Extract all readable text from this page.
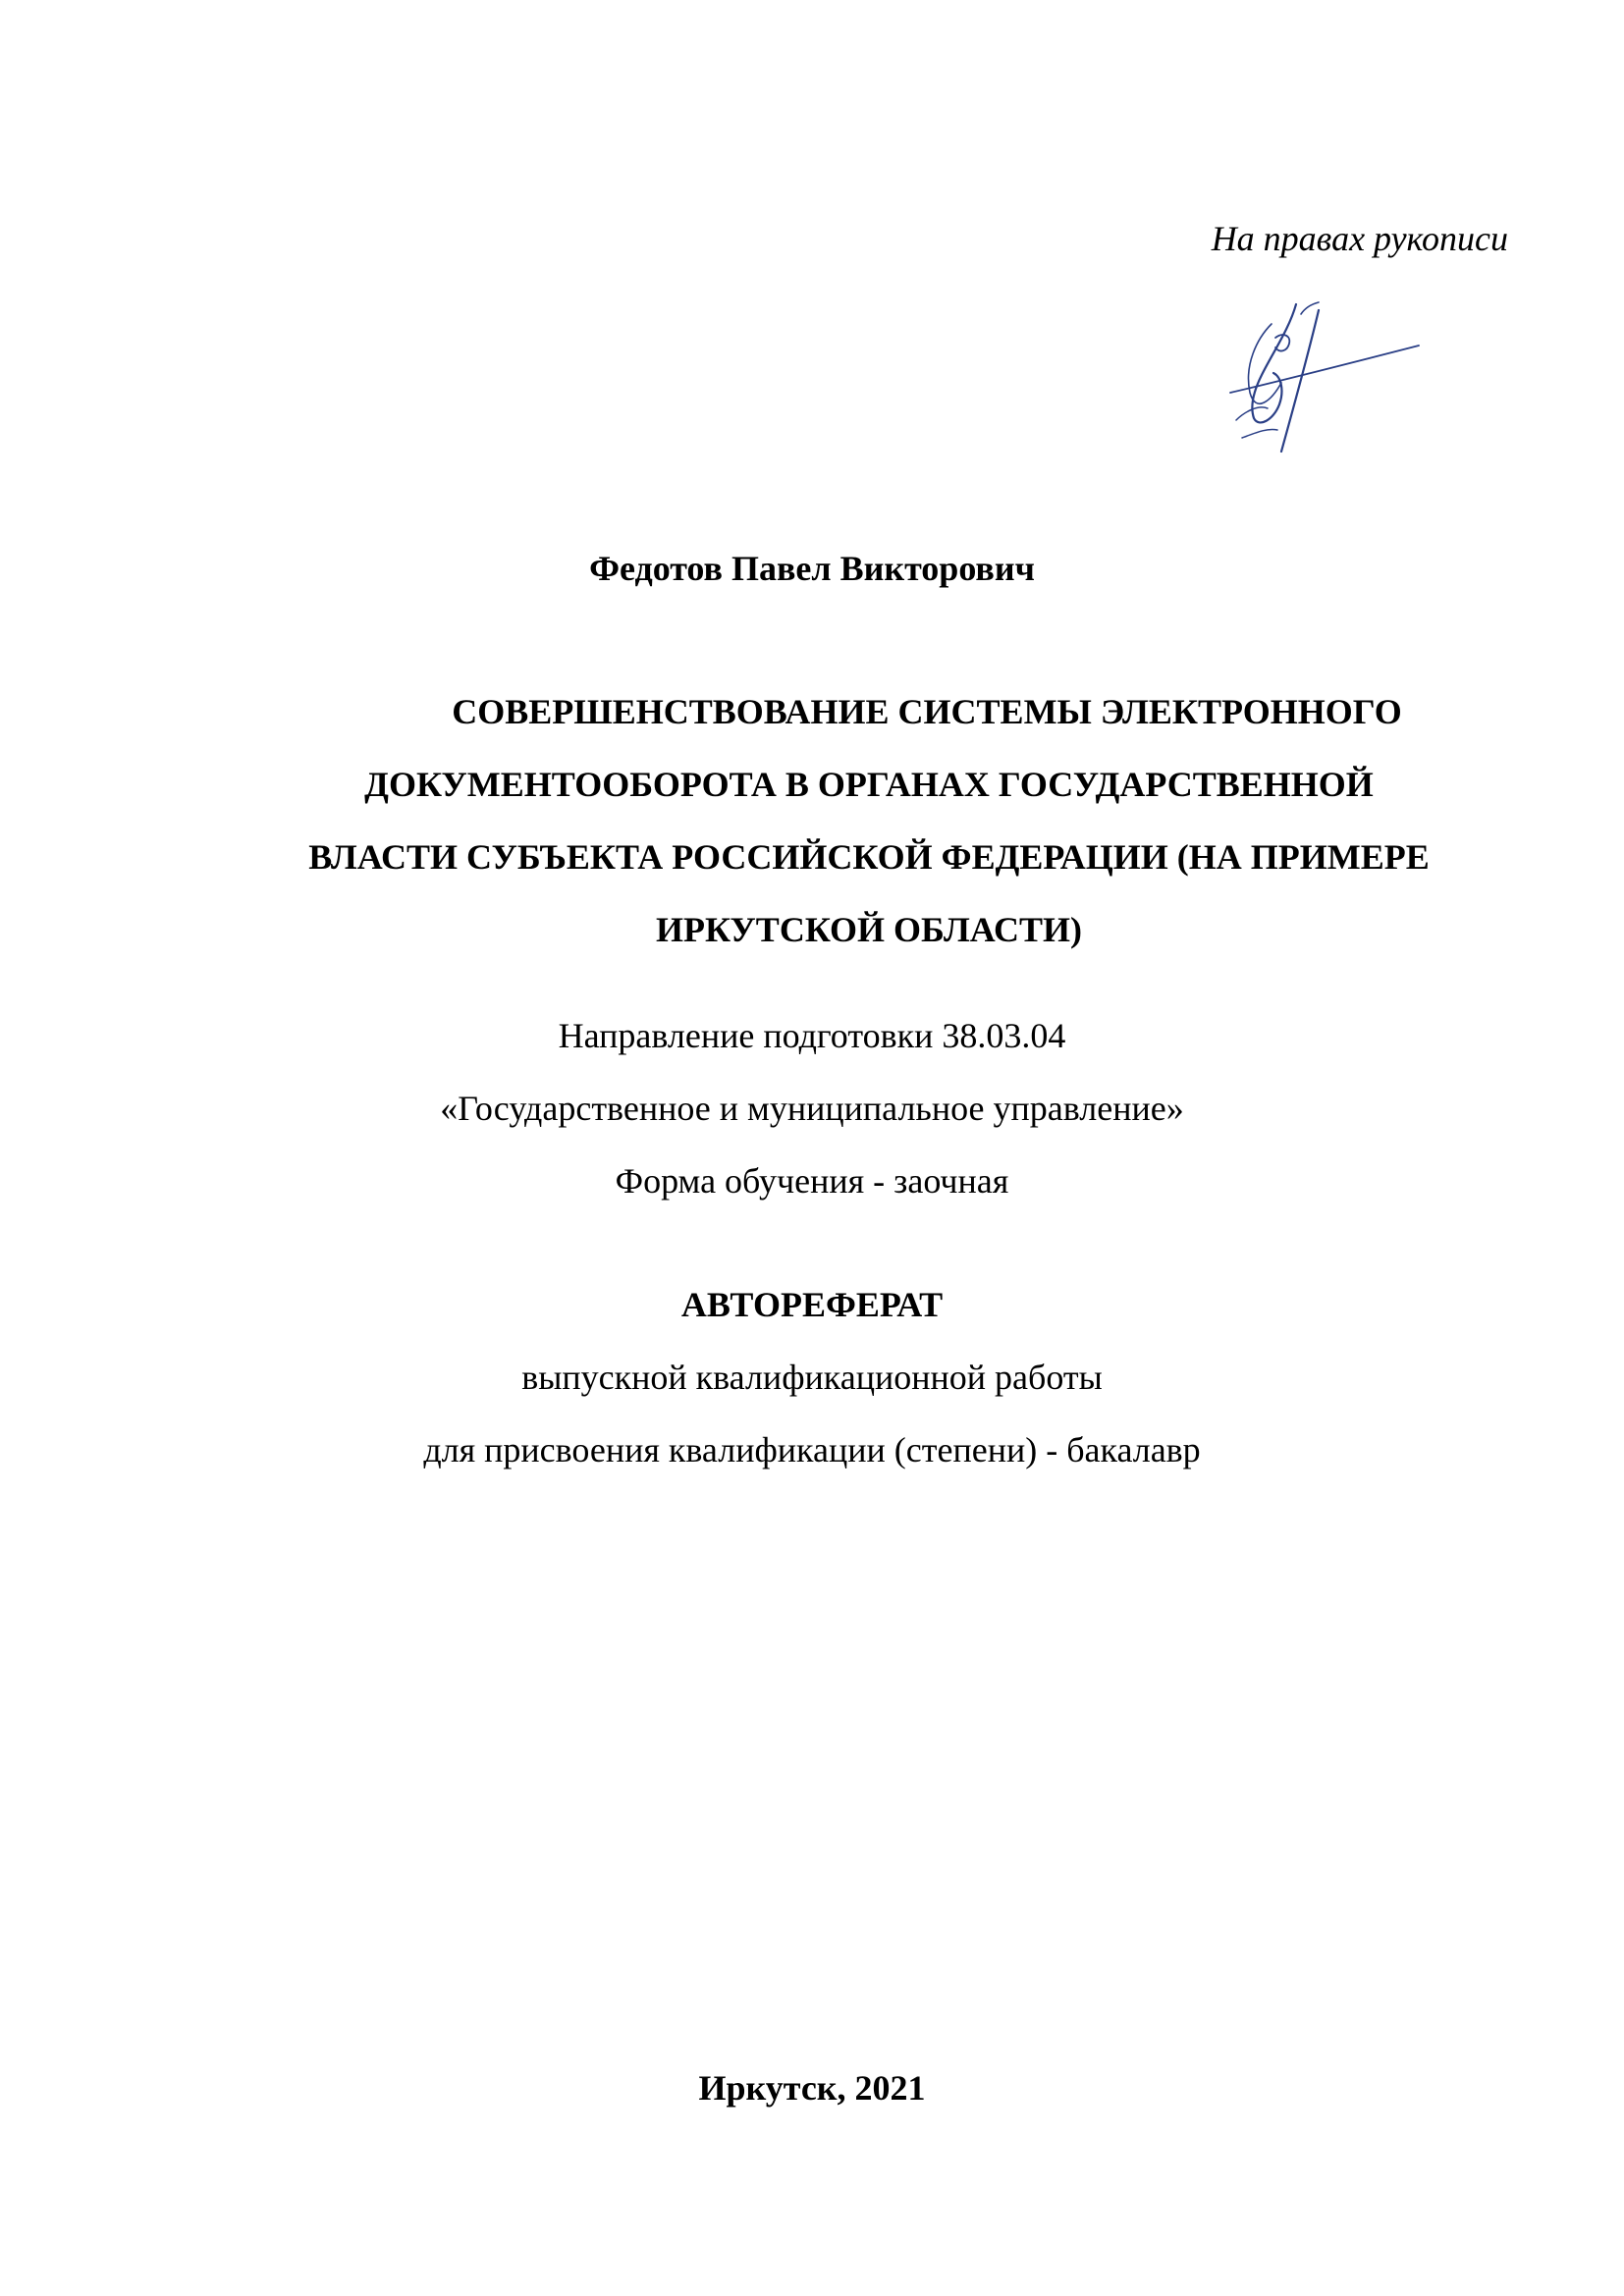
На правах рукописи
Федотов Павел Викторович
СОВЕРШЕНСТВОВАНИЕ СИСТЕМЫ ЭЛЕКТРОННОГО
ДОКУМЕНТООБОРОТА В ОРГАНАХ ГОСУДАРСТВЕННОЙ
ВЛАСТИ СУБЪЕКТА РОССИЙСКОЙ ФЕДЕРАЦИИ (НА ПРИМЕРЕ
ИРКУТСКОЙ ОБЛАСТИ)
Направление подготовки 38.03.04
«Государственное и муниципальное управление»
Форма обучения - заочная
АВТОРЕФЕРАТ
выпускной квалификационной работы
для присвоения квалификации (степени) - бакалавр
Иркутск, 2021
